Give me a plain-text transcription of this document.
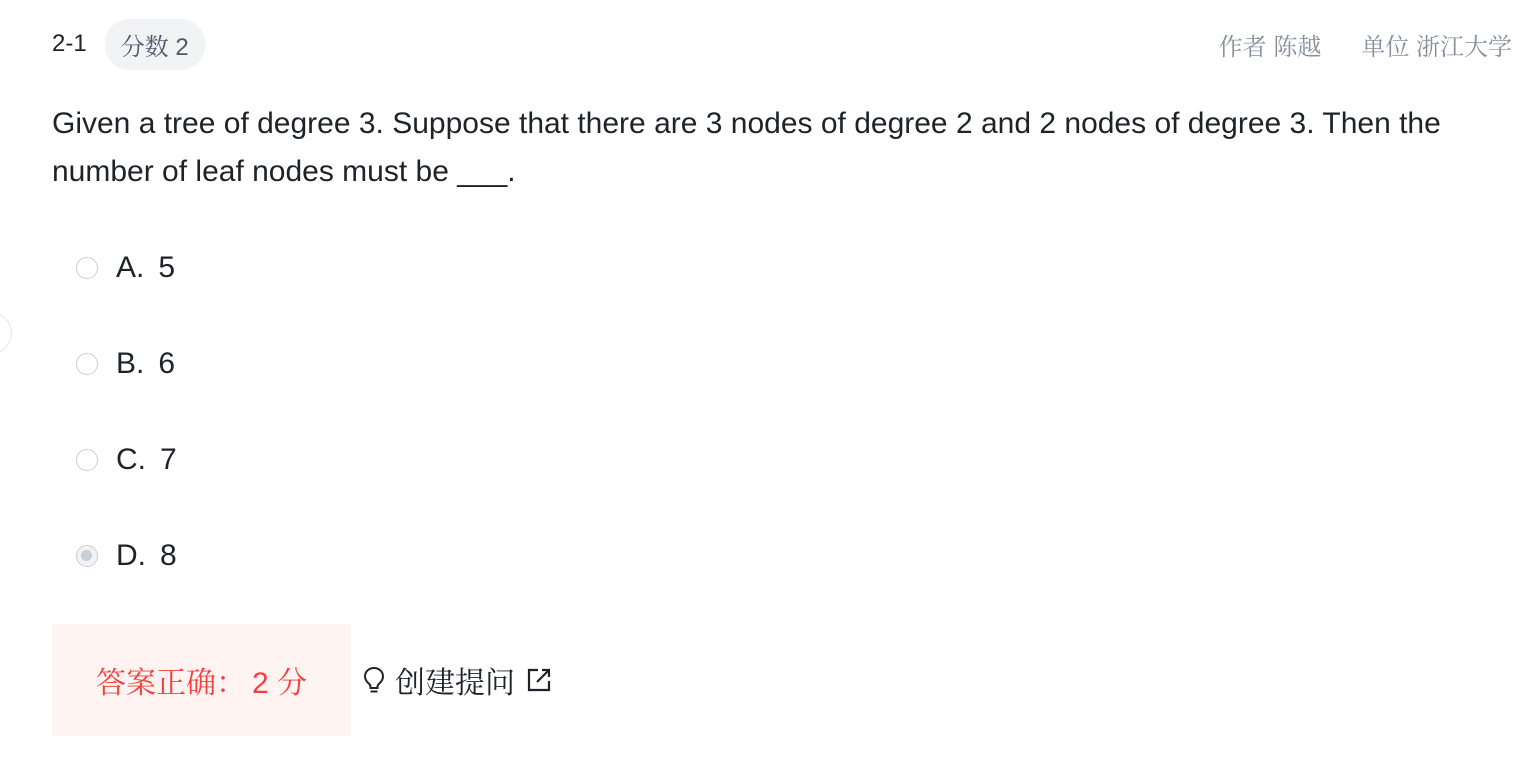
2-1	分数 2	作者 陈越 单位 浙江大学
Given a tree of degree 3. Suppose that there are 3 nodes of degree 2 and 2 nodes of degree 3. Then the number of leaf nodes must be ___.
A. 5
B. 6
C. 7
D. 8
答案正确： 2 分	创建提问
